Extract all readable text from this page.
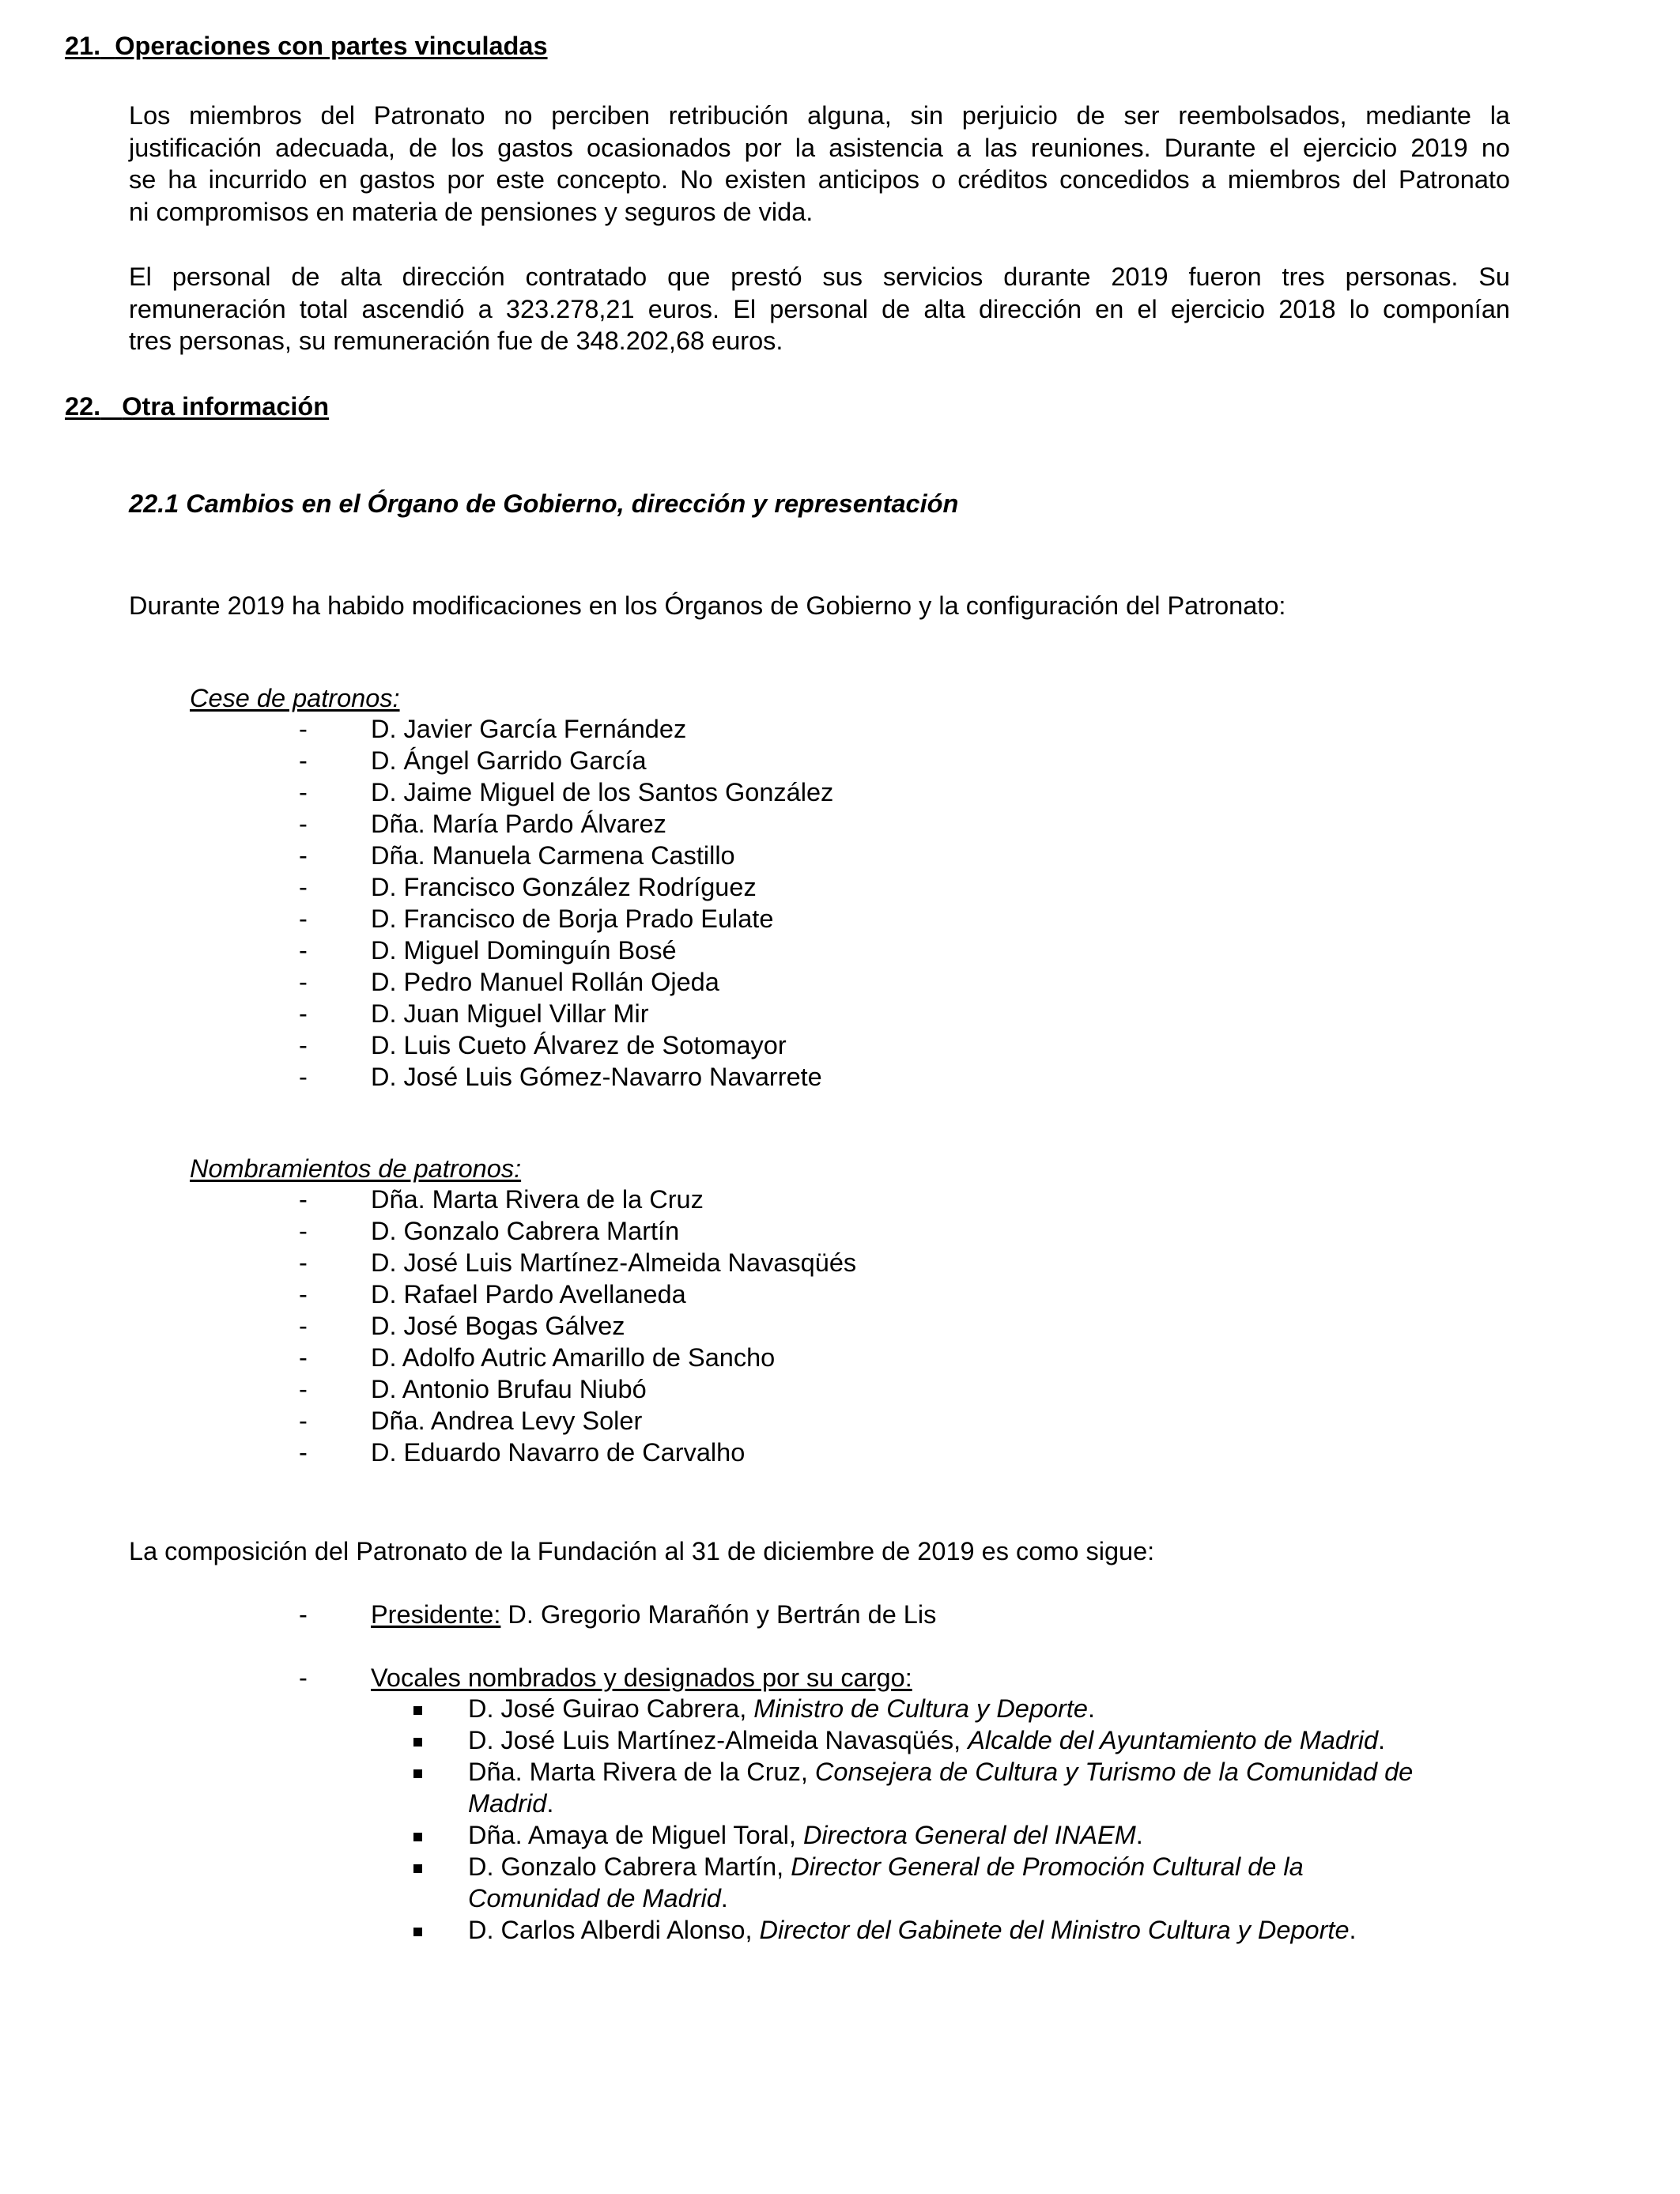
21. Operaciones con partes vinculadas
Los miembros del Patronato no perciben retribución alguna, sin perjuicio de ser reembolsados, mediante la
justificación adecuada, de los gastos ocasionados por la asistencia a las reuniones. Durante el ejercicio 2019 no
se ha incurrido en gastos por este concepto. No existen anticipos o créditos concedidos a miembros del Patronato
ni compromisos en materia de pensiones y seguros de vida.
El personal de alta dirección contratado que prestó sus servicios durante 2019 fueron tres personas. Su
remuneración total ascendió a 323.278,21 euros. El personal de alta dirección en el ejercicio 2018 lo componían
tres personas, su remuneración fue de 348.202,68 euros.
22. Otra información
22.1 Cambios en el Órgano de Gobierno, dirección y representación
Durante 2019 ha habido modificaciones en los Órganos de Gobierno y la configuración del Patronato:
Cese de patronos:
- D. Javier García Fernández
- D. Ángel Garrido García
- D. Jaime Miguel de los Santos González
- Dña. María Pardo Álvarez
- Dña. Manuela Carmena Castillo
- D. Francisco González Rodríguez
- D. Francisco de Borja Prado Eulate
- D. Miguel Dominguín Bosé
- D. Pedro Manuel Rollán Ojeda
- D. Juan Miguel Villar Mir
- D. Luis Cueto Álvarez de Sotomayor
- D. José Luis Gómez-Navarro Navarrete
Nombramientos de patronos:
- Dña. Marta Rivera de la Cruz
- D. Gonzalo Cabrera Martín
- D. José Luis Martínez-Almeida Navasqüés
- D. Rafael Pardo Avellaneda
- D. José Bogas Gálvez
- D. Adolfo Autric Amarillo de Sancho
- D. Antonio Brufau Niubó
- Dña. Andrea Levy Soler
- D. Eduardo Navarro de Carvalho
La composición del Patronato de la Fundación al 31 de diciembre de 2019 es como sigue:
- Presidente: D. Gregorio Marañón y Bertrán de Lis
- Vocales nombrados y designados por su cargo:
D. José Guirao Cabrera, Ministro de Cultura y Deporte.
D. José Luis Martínez-Almeida Navasqüés, Alcalde del Ayuntamiento de Madrid.
Dña. Marta Rivera de la Cruz, Consejera de Cultura y Turismo de la Comunidad de
Madrid.
Dña. Amaya de Miguel Toral, Directora General del INAEM.
D. Gonzalo Cabrera Martín, Director General de Promoción Cultural de la
Comunidad de Madrid.
D. Carlos Alberdi Alonso, Director del Gabinete del Ministro Cultura y Deporte.
